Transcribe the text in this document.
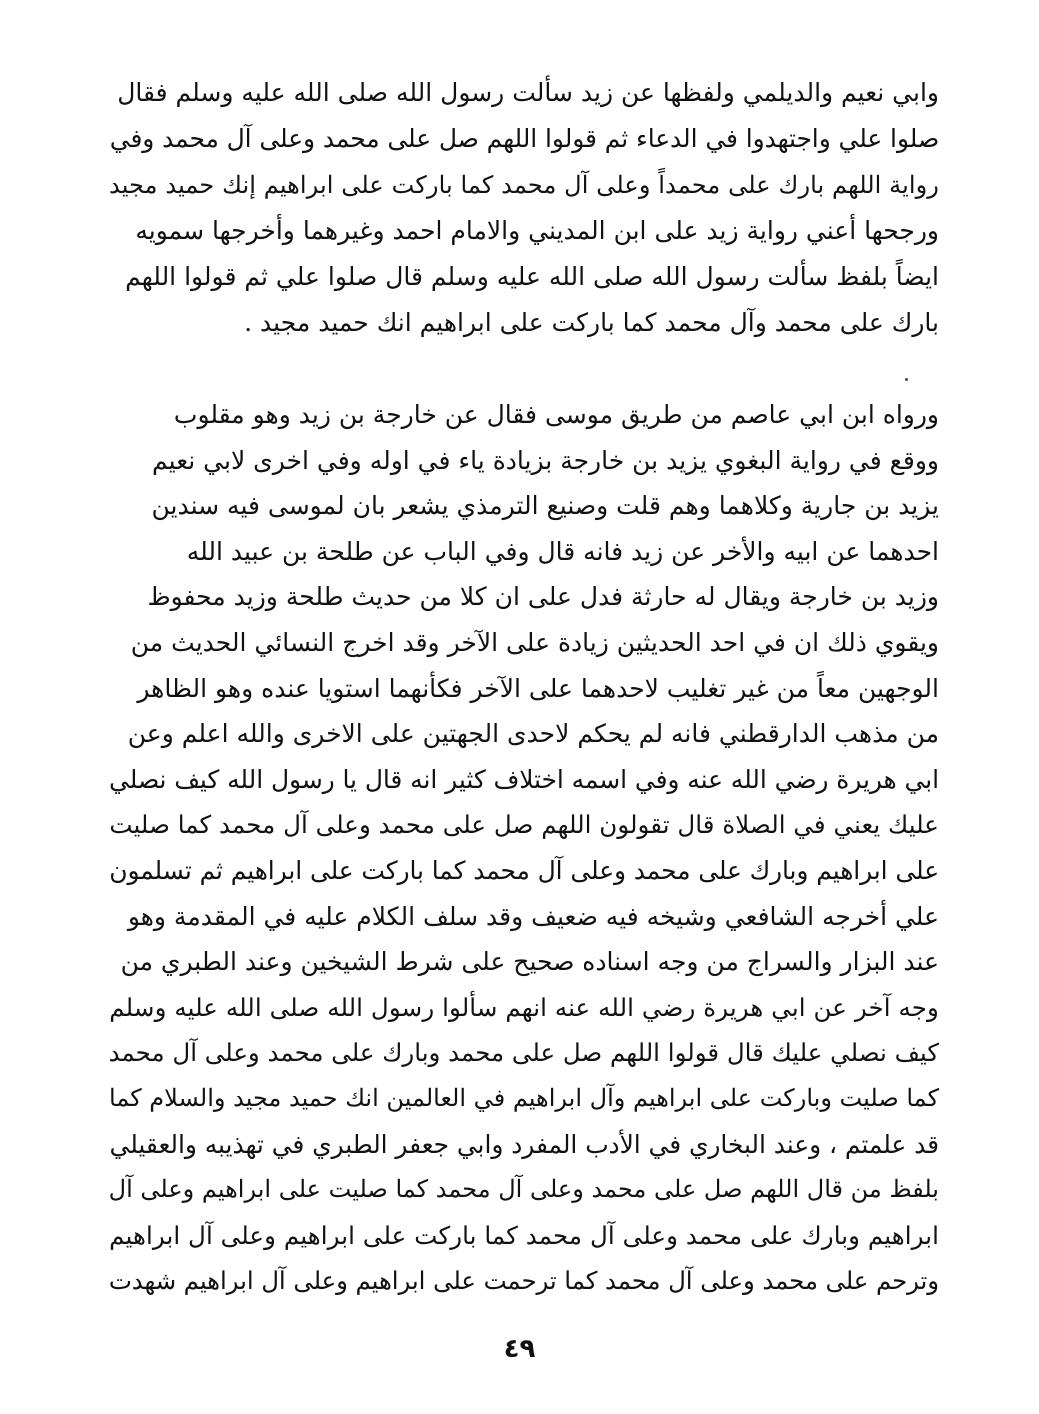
وابي نعيم والديلمي ولفظها عن زيد سألت رسول الله صلى الله عليه وسلم فقال
صلوا علي واجتهدوا في الدعاء ثم قولوا اللهم صل على محمد وعلى آل محمد وفي
رواية اللهم بارك على محمداً وعلى آل محمد كما باركت على ابراهيم إنك حميد مجيد
ورجحها أعني رواية زيد على ابن المديني والامام احمد وغيرهما وأخرجها سمويه
ايضاً بلفظ سألت رسول الله صلى الله عليه وسلم قال صلوا علي ثم قولوا اللهم
بارك على محمد وآل محمد كما باركت على ابراهيم انك حميد مجيد .
ورواه ابن ابي عاصم من طريق موسى فقال عن خارجة بن زيد وهو مقلوب
ووقع في رواية البغوي يزيد بن خارجة بزيادة ياء في اوله وفي اخرى لابي نعيم
يزيد بن جارية وكلاهما وهم قلت وصنيع الترمذي يشعر بان لموسى فيه سندين
احدهما عن ابيه والأخر عن زيد فانه قال وفي الباب عن طلحة بن عبيد الله
وزيد بن خارجة ويقال له حارثة فدل على ان كلا من حديث طلحة وزيد محفوظ
ويقوي ذلك ان في احد الحديثين زيادة على الآخر وقد اخرج النسائي الحديث من
الوجهين معاً من غير تغليب لاحدهما على الآخر فكأنهما استويا عنده وهو الظاهر
من مذهب الدارقطني فانه لم يحكم لاحدى الجهتين على الاخرى والله اعلم وعن
ابي هريرة رضي الله عنه وفي اسمه اختلاف كثير انه قال يا رسول الله كيف نصلي
عليك يعني في الصلاة قال تقولون اللهم صل على محمد وعلى آل محمد كما صليت
على ابراهيم وبارك على محمد وعلى آل محمد كما باركت على ابراهيم ثم تسلمون
علي أخرجه الشافعي وشيخه فيه ضعيف وقد سلف الكلام عليه في المقدمة وهو
عند البزار والسراج من وجه اسناده صحيح على شرط الشيخين وعند الطبري من
وجه آخر عن ابي هريرة رضي الله عنه انهم سألوا رسول الله صلى الله عليه وسلم
كيف نصلي عليك قال قولوا اللهم صل على محمد وبارك على محمد وعلى آل محمد
كما صليت وباركت على ابراهيم وآل ابراهيم في العالمين انك حميد مجيد والسلام كما
قد علمتم ، وعند البخاري في الأدب المفرد وابي جعفر الطبري في تهذيبه والعقيلي
بلفظ من قال اللهم صل على محمد وعلى آل محمد كما صليت على ابراهيم وعلى آل
ابراهيم وبارك على محمد وعلى آل محمد كما باركت على ابراهيم وعلى آل ابراهيم
وترحم على محمد وعلى آل محمد كما ترحمت على ابراهيم وعلى آل ابراهيم شهدت
٤٩
